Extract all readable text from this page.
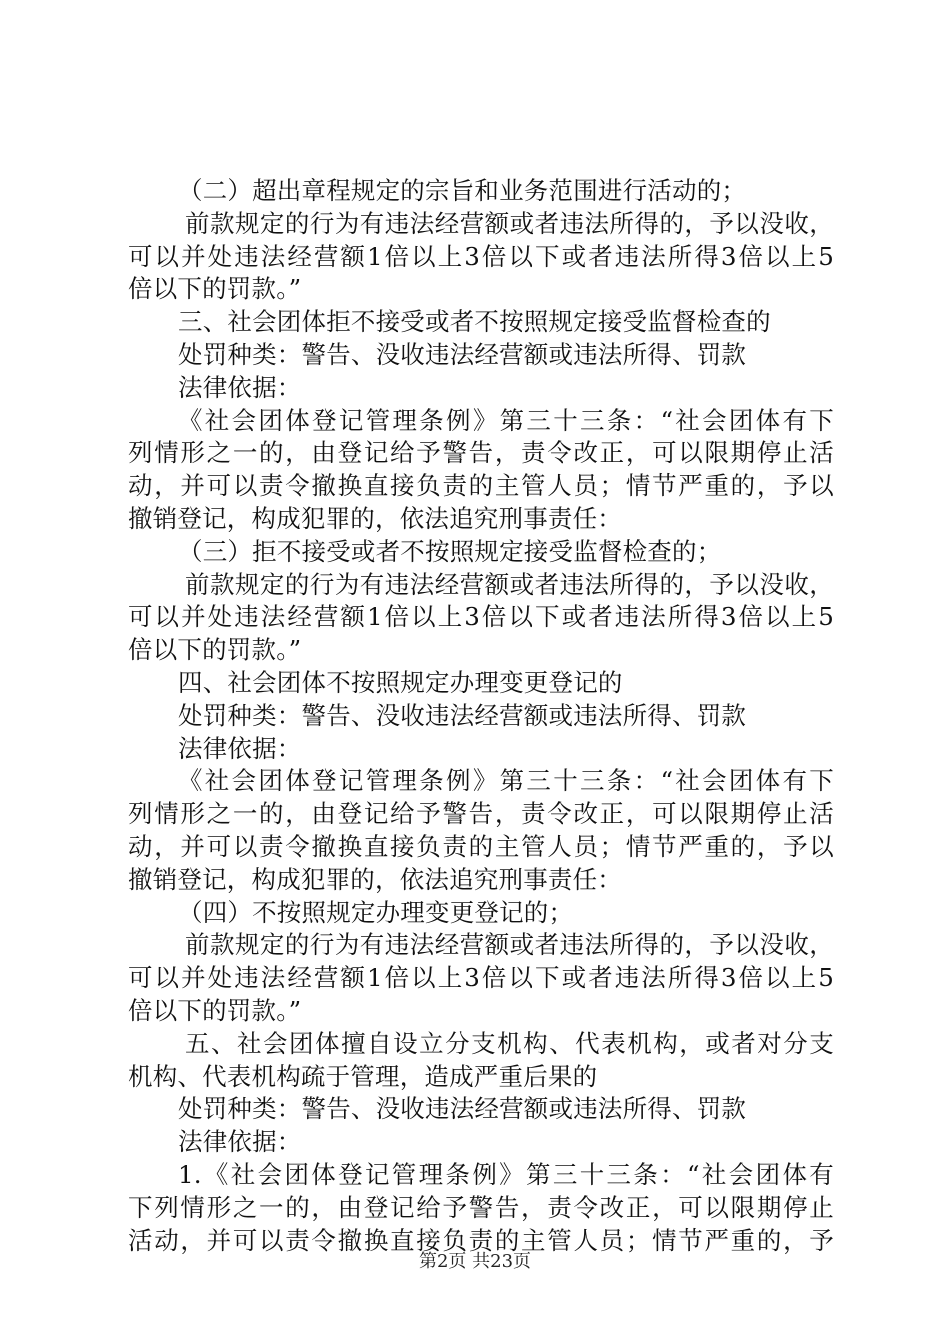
（二）超出章程规定的宗旨和业务范围进行活动的；
前款规定的行为有违法经营额或者违法所得的，予以没收，
可以并处违法经营额1倍以上3倍以下或者违法所得3倍以上5
倍以下的罚款。”
三、社会团体拒不接受或者不按照规定接受监督检查的
处罚种类：警告、没收违法经营额或违法所得、罚款
法律依据：
《社会团体登记管理条例》第三十三条：“社会团体有下
列情形之一的，由登记给予警告，责令改正，可以限期停止活
动，并可以责令撤换直接负责的主管人员；情节严重的，予以
撤销登记，构成犯罪的，依法追究刑事责任：
（三）拒不接受或者不按照规定接受监督检查的；
前款规定的行为有违法经营额或者违法所得的，予以没收，
可以并处违法经营额1倍以上3倍以下或者违法所得3倍以上5
倍以下的罚款。”
四、社会团体不按照规定办理变更登记的
处罚种类：警告、没收违法经营额或违法所得、罚款
法律依据：
《社会团体登记管理条例》第三十三条：“社会团体有下
列情形之一的，由登记给予警告，责令改正，可以限期停止活
动，并可以责令撤换直接负责的主管人员；情节严重的，予以
撤销登记，构成犯罪的，依法追究刑事责任：
（四）不按照规定办理变更登记的；
前款规定的行为有违法经营额或者违法所得的，予以没收，
可以并处违法经营额1倍以上3倍以下或者违法所得3倍以上5
倍以下的罚款。”
五、社会团体擅自设立分支机构、代表机构，或者对分支
机构、代表机构疏于管理，造成严重后果的
处罚种类：警告、没收违法经营额或违法所得、罚款
法律依据：
1.《社会团体登记管理条例》第三十三条：“社会团体有
下列情形之一的，由登记给予警告，责令改正，可以限期停止
活动，并可以责令撤换直接负责的主管人员；情节严重的，予
第2页 共23页
